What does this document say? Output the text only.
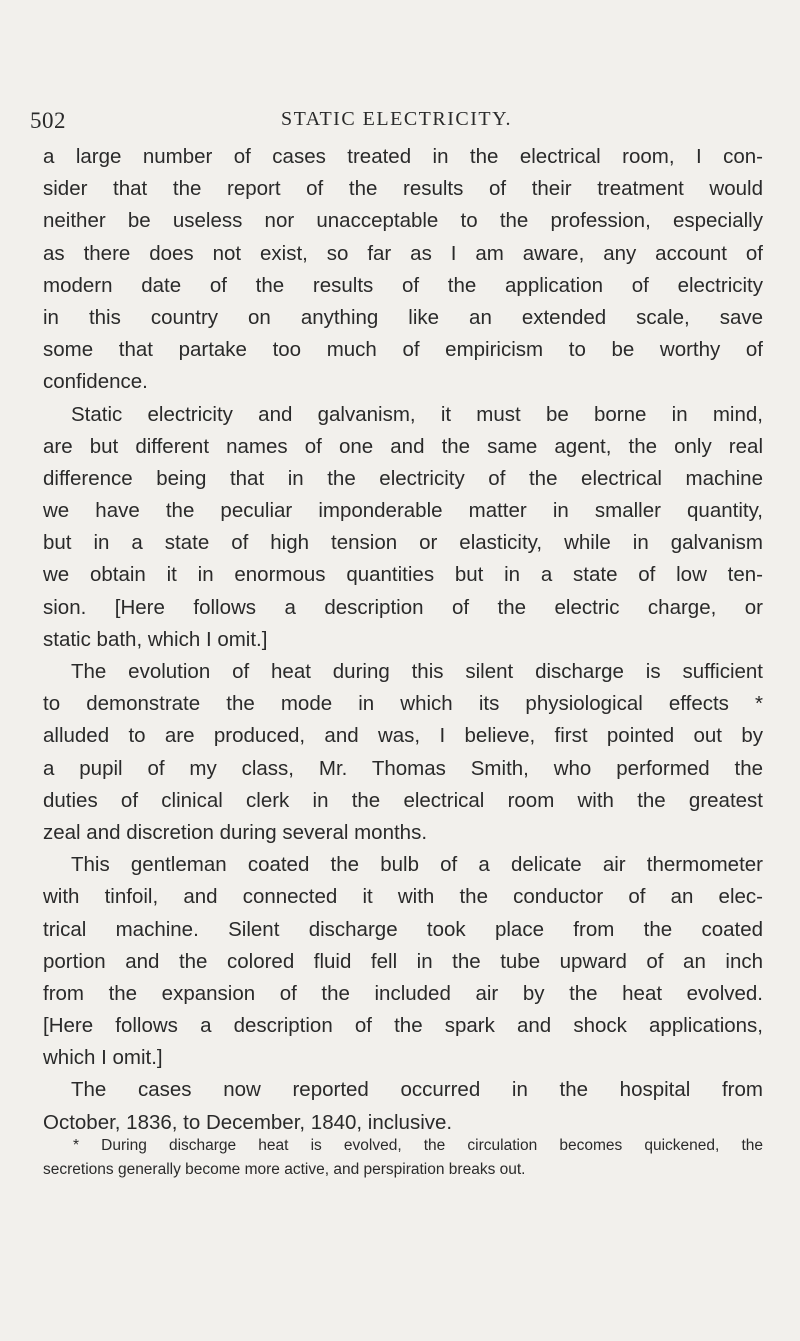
502	STATIC ELECTRICITY.
a large number of cases treated in the electrical room, I con-
sider that the report of the results of their treatment would
neither be useless nor unacceptable to the profession, especially
as there does not exist, so far as I am aware, any account of
modern date of the results of the application of electricity
in this country on anything like an extended scale, save
some that partake too much of empiricism to be worthy of
confidence.
Static electricity and galvanism, it must be borne in mind,
are but different names of one and the same agent, the only real
difference being that in the electricity of the electrical machine
we have the peculiar imponderable matter in smaller quantity,
but in a state of high tension or elasticity, while in galvanism
we obtain it in enormous quantities but in a state of low ten-
sion. [Here follows a description of the electric charge, or
static bath, which I omit.]
The evolution of heat during this silent discharge is sufficient
to demonstrate the mode in which its physiological effects *
alluded to are produced, and was, I believe, first pointed out by
a pupil of my class, Mr. Thomas Smith, who performed the
duties of clinical clerk in the electrical room with the greatest
zeal and discretion during several months.
This gentleman coated the bulb of a delicate air thermometer
with tinfoil, and connected it with the conductor of an elec-
trical machine. Silent discharge took place from the coated
portion and the colored fluid fell in the tube upward of an inch
from the expansion of the included air by the heat evolved.
[Here follows a description of the spark and shock applications,
which I omit.]
The cases now reported occurred in the hospital from
October, 1836, to December, 1840, inclusive.
* During discharge heat is evolved, the circulation becomes quickened, the
secretions generally become more active, and perspiration breaks out.
